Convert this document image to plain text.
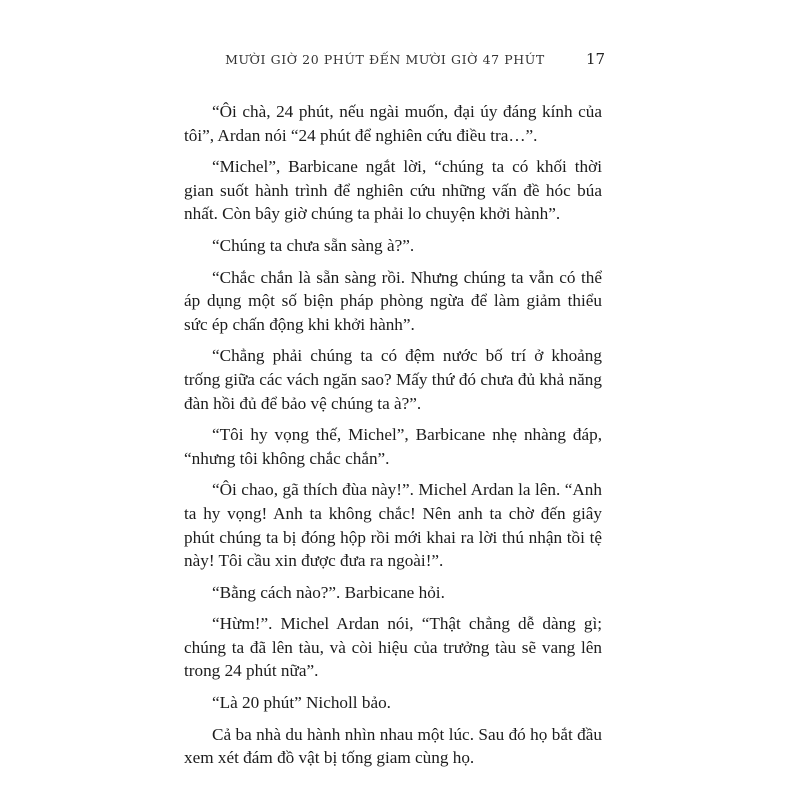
MƯỜI GIỜ 20 PHÚT ĐẾN MƯỜI GIỜ 47 PHÚT	17

“Ôi chà, 24 phút, nếu ngài muốn, đại úy đáng kính của tôi”, Ardan nói “24 phút để nghiên cứu điều tra…”.

“Michel”, Barbicane ngắt lời, “chúng ta có khối thời gian suốt hành trình để nghiên cứu những vấn đề hóc búa nhất. Còn bây giờ chúng ta phải lo chuyện khởi hành”.

“Chúng ta chưa sẵn sàng à?”.

“Chắc chắn là sẵn sàng rồi. Nhưng chúng ta vẫn có thể áp dụng một số biện pháp phòng ngừa để làm giảm thiểu sức ép chấn động khi khởi hành”.

“Chẳng phải chúng ta có đệm nước bố trí ở khoảng trống giữa các vách ngăn sao? Mấy thứ đó chưa đủ khả năng đàn hồi đủ để bảo vệ chúng ta à?”.

“Tôi hy vọng thế, Michel”, Barbicane nhẹ nhàng đáp, “nhưng tôi không chắc chắn”.

“Ôi chao, gã thích đùa này!”. Michel Ardan la lên. “Anh ta hy vọng! Anh ta không chắc! Nên anh ta chờ đến giây phút chúng ta bị đóng hộp rồi mới khai ra lời thú nhận tồi tệ này! Tôi cầu xin được đưa ra ngoài!”.

“Bằng cách nào?”. Barbicane hỏi.

“Hừm!”. Michel Ardan nói, “Thật chẳng dễ dàng gì; chúng ta đã lên tàu, và còi hiệu của trưởng tàu sẽ vang lên trong 24 phút nữa”.

“Là 20 phút” Nicholl bảo.

Cả ba nhà du hành nhìn nhau một lúc. Sau đó họ bắt đầu xem xét đám đồ vật bị tống giam cùng họ.
